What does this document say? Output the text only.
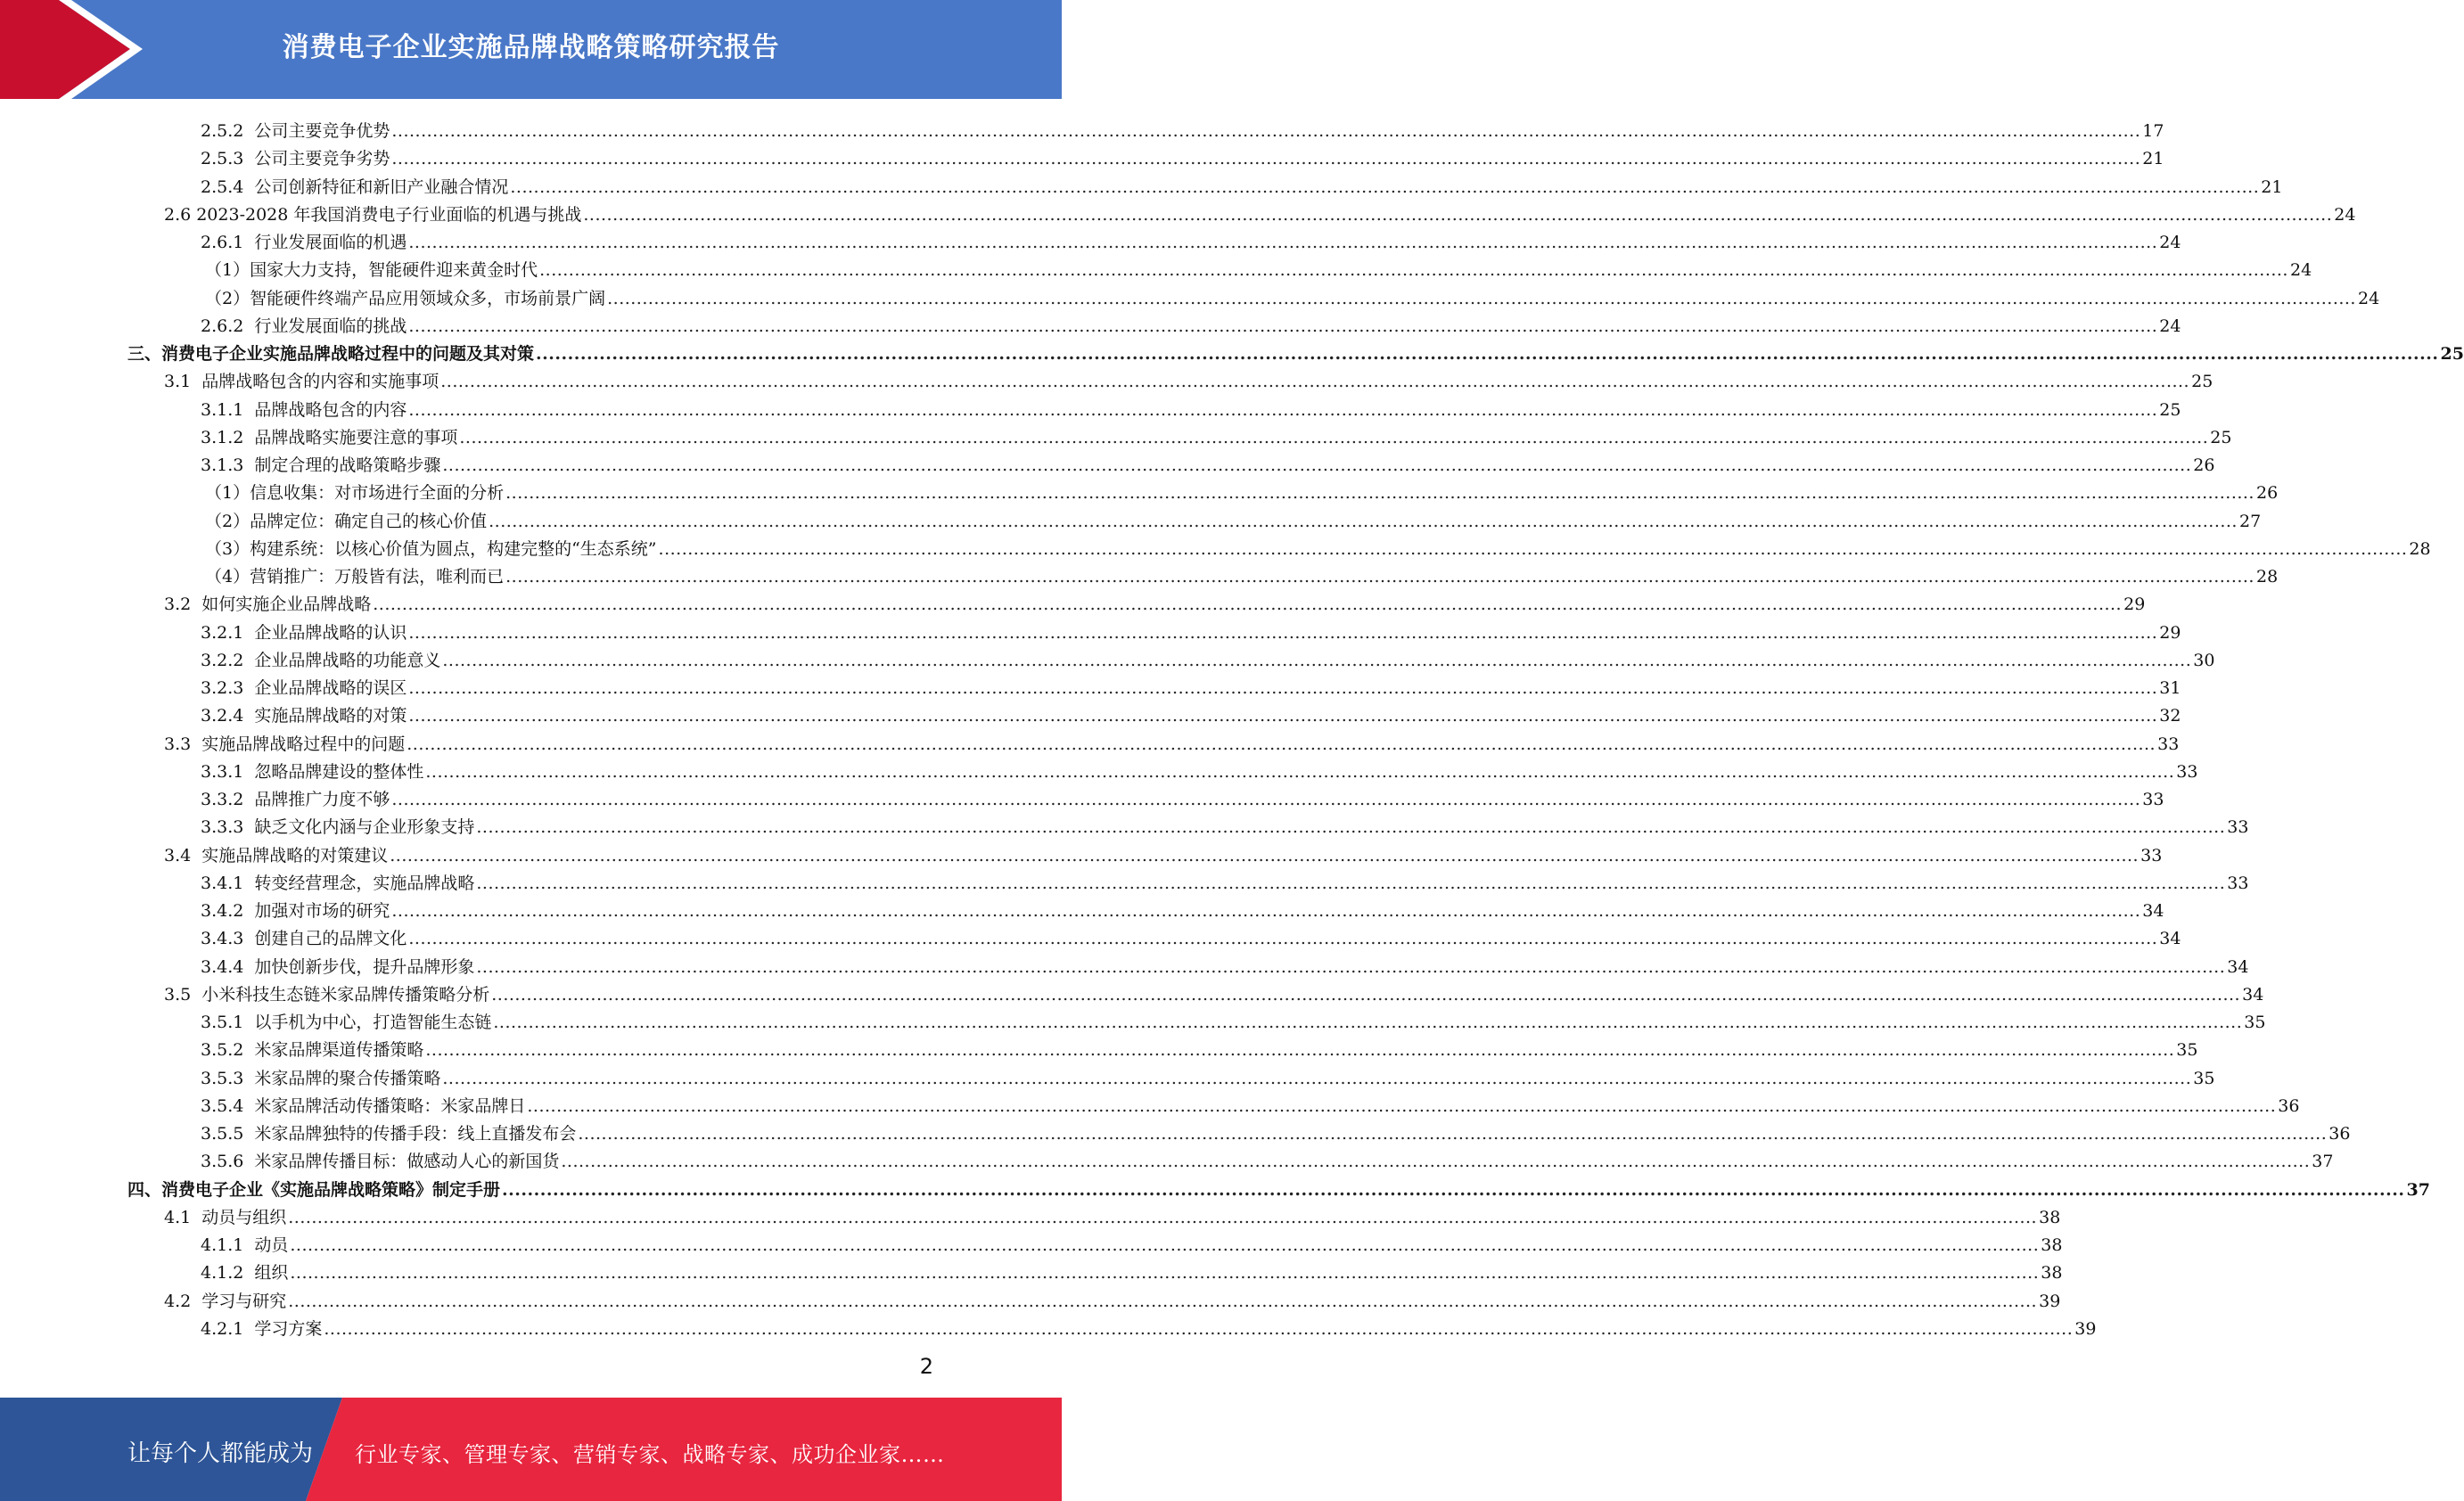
消费电子企业实施品牌战略策略研究报告
2.5.2 公司主要竞争优势 ............................................................................................................................................................................................................................................................................................................ 17
2.5.3 公司主要竞争劣势 ............................................................................................................................................................................................................................................................................................................ 21
2.5.4 公司创新特征和新旧产业融合情况 ............................................................................................................................................................................................................................................................................................................ 21
2.6 2023-2028 年我国消费电子行业面临的机遇与挑战 ............................................................................................................................................................................................................................................................................................................ 24
2.6.1 行业发展面临的机遇 ............................................................................................................................................................................................................................................................................................................ 24
（1） 国家大力支持，智能硬件迎来黄金时代 ............................................................................................................................................................................................................................................................................................................ 24
（2） 智能硬件终端产品应用领域众多，市场前景广阔 ............................................................................................................................................................................................................................................................................................................ 24
2.6.2 行业发展面临的挑战 ............................................................................................................................................................................................................................................................................................................ 24
三、 消费电子企业实施品牌战略过程中的问题及其对策 ............................................................................................................................................................................................................................................................................................................ 25
3.1 品牌战略包含的内容和实施事项 ............................................................................................................................................................................................................................................................................................................ 25
3.1.1 品牌战略包含的内容 ............................................................................................................................................................................................................................................................................................................ 25
3.1.2 品牌战略实施要注意的事项 ............................................................................................................................................................................................................................................................................................................ 25
3.1.3 制定合理的战略策略步骤 ............................................................................................................................................................................................................................................................................................................ 26
（1） 信息收集：对市场进行全面的分析 ............................................................................................................................................................................................................................................................................................................ 26
（2） 品牌定位：确定自己的核心价值 ............................................................................................................................................................................................................................................................................................................ 27
（3） 构建系统：以核心价值为圆点，构建完整的“生态系统” ............................................................................................................................................................................................................................................................................................................ 28
（4） 营销推广：万般皆有法，唯利而已 ............................................................................................................................................................................................................................................................................................................ 28
3.2 如何实施企业品牌战略 ............................................................................................................................................................................................................................................................................................................ 29
3.2.1 企业品牌战略的认识 ............................................................................................................................................................................................................................................................................................................ 29
3.2.2 企业品牌战略的功能意义 ............................................................................................................................................................................................................................................................................................................ 30
3.2.3 企业品牌战略的误区 ............................................................................................................................................................................................................................................................................................................ 31
3.2.4 实施品牌战略的对策 ............................................................................................................................................................................................................................................................................................................ 32
3.3 实施品牌战略过程中的问题 ............................................................................................................................................................................................................................................................................................................ 33
3.3.1 忽略品牌建设的整体性 ............................................................................................................................................................................................................................................................................................................ 33
3.3.2 品牌推广力度不够 ............................................................................................................................................................................................................................................................................................................ 33
3.3.3 缺乏文化内涵与企业形象支持 ............................................................................................................................................................................................................................................................................................................ 33
3.4 实施品牌战略的对策建议 ............................................................................................................................................................................................................................................................................................................ 33
3.4.1 转变经营理念，实施品牌战略 ............................................................................................................................................................................................................................................................................................................ 33
3.4.2 加强对市场的研究 ............................................................................................................................................................................................................................................................................................................ 34
3.4.3 创建自己的品牌文化 ............................................................................................................................................................................................................................................................................................................ 34
3.4.4 加快创新步伐，提升品牌形象 ............................................................................................................................................................................................................................................................................................................ 34
3.5 小米科技生态链米家品牌传播策略分析 ............................................................................................................................................................................................................................................................................................................ 34
3.5.1 以手机为中心，打造智能生态链 ............................................................................................................................................................................................................................................................................................................ 35
3.5.2 米家品牌渠道传播策略 ............................................................................................................................................................................................................................................................................................................ 35
3.5.3 米家品牌的聚合传播策略 ............................................................................................................................................................................................................................................................................................................ 35
3.5.4 米家品牌活动传播策略：米家品牌日 ............................................................................................................................................................................................................................................................................................................ 36
3.5.5 米家品牌独特的传播手段：线上直播发布会 ............................................................................................................................................................................................................................................................................................................ 36
3.5.6 米家品牌传播目标：做感动人心的新国货 ............................................................................................................................................................................................................................................................................................................ 37
四、 消费电子企业《实施品牌战略策略》制定手册 ............................................................................................................................................................................................................................................................................................................ 37
4.1 动员与组织 ............................................................................................................................................................................................................................................................................................................ 38
4.1.1 动员 ............................................................................................................................................................................................................................................................................................................ 38
4.1.2 组织 ............................................................................................................................................................................................................................................................................................................ 38
4.2 学习与研究 ............................................................................................................................................................................................................................................................................................................ 39
4.2.1 学习方案 ............................................................................................................................................................................................................................................................................................................ 39
2
让每个人都能成为 行业专家、管理专家、营销专家、战略专家、成功企业家……
